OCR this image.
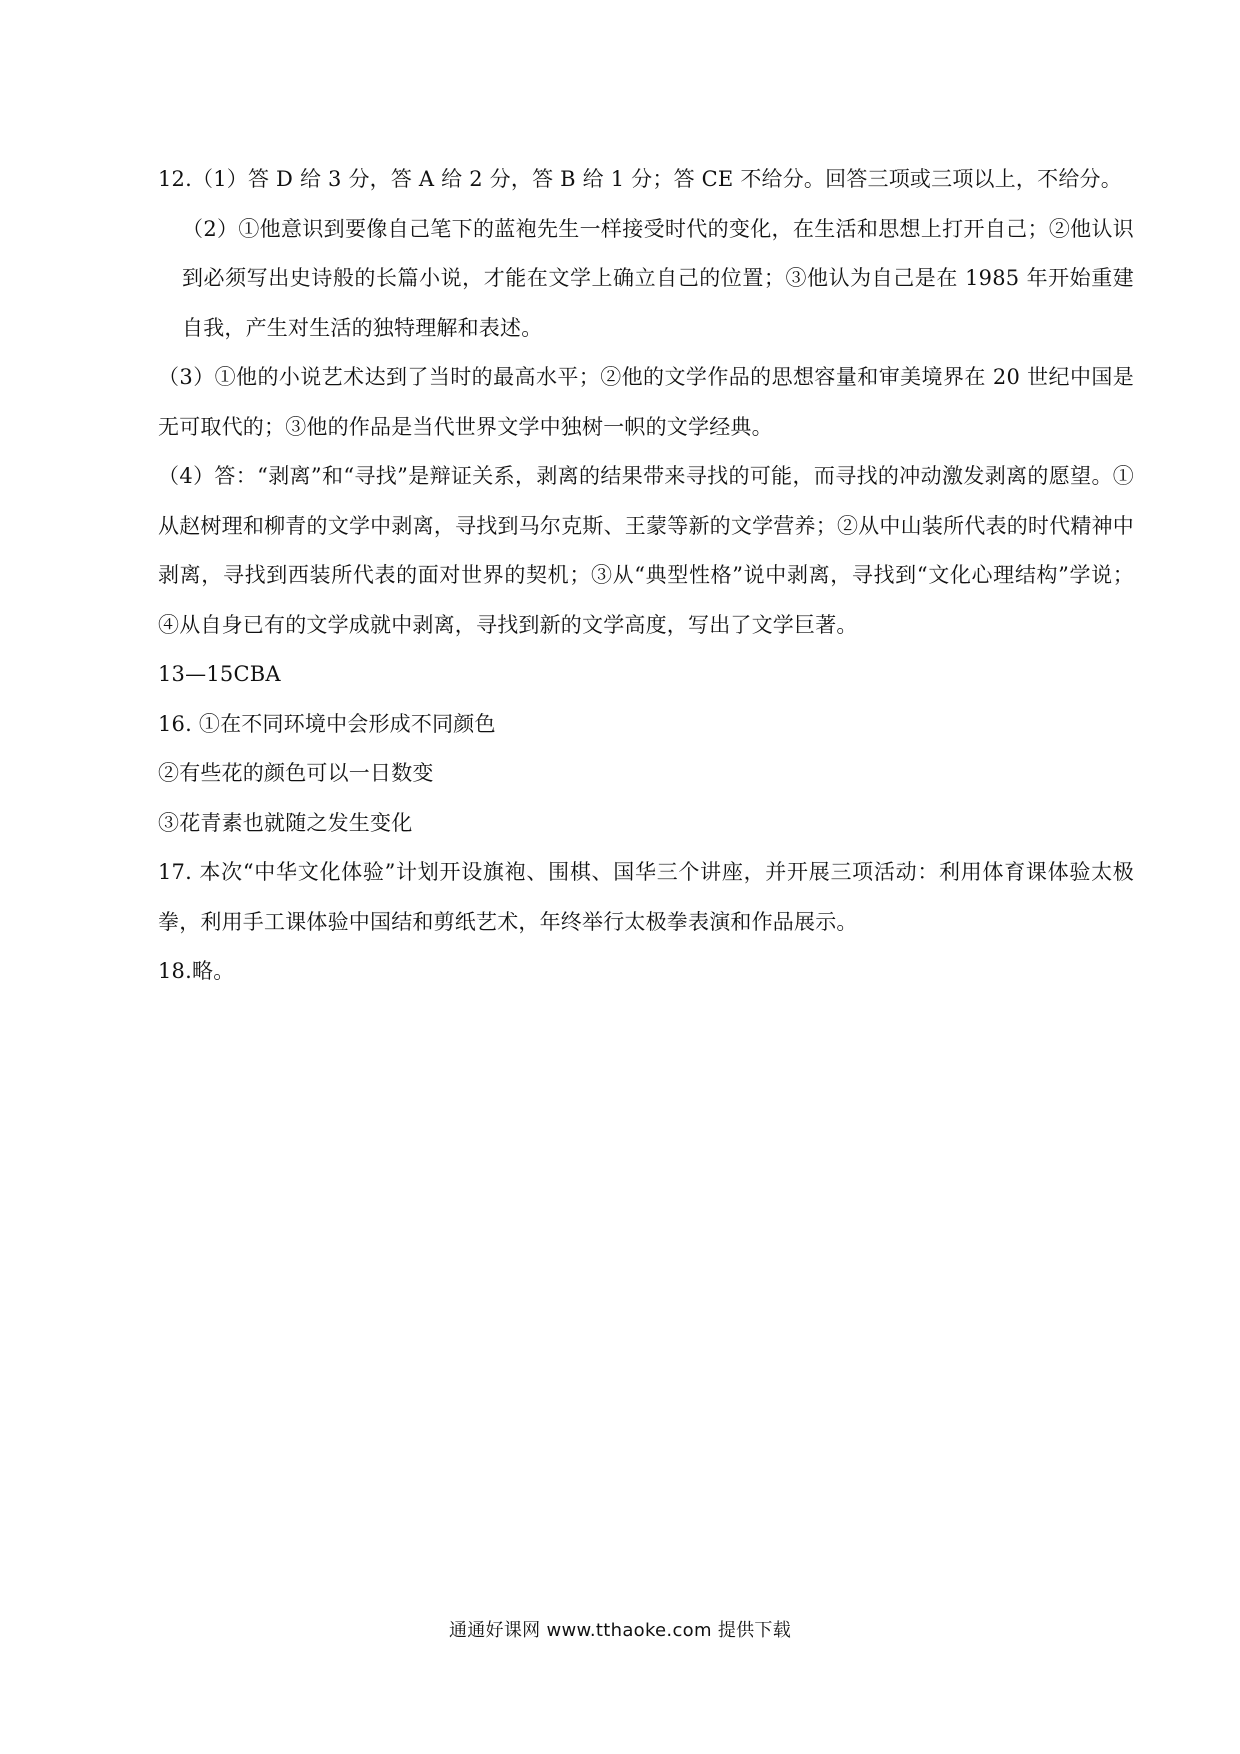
12.（1）答 D 给 3 分，答 A 给 2 分，答 B 给 1 分；答 CE 不给分。回答三项或三项以上，不给分。

（2）①他意识到要像自己笔下的蓝袍先生一样接受时代的变化，在生活和思想上打开自己；②他认识到必须写出史诗般的长篇小说，才能在文学上确立自己的位置；③他认为自己是在 1985 年开始重建自我，产生对生活的独特理解和表述。

（3）①他的小说艺术达到了当时的最高水平；②他的文学作品的思想容量和审美境界在 20 世纪中国是无可取代的；③他的作品是当代世界文学中独树一帜的文学经典。

（4）答：“剥离”和“寻找”是辩证关系，剥离的结果带来寻找的可能，而寻找的冲动激发剥离的愿望。①从赵树理和柳青的文学中剥离，寻找到马尔克斯、王蒙等新的文学营养；②从中山装所代表的时代精神中剥离，寻找到西装所代表的面对世界的契机；③从“典型性格”说中剥离，寻找到“文化心理结构”学说；④从自身已有的文学成就中剥离，寻找到新的文学高度，写出了文学巨著。

13—15CBA

16. ①在不同环境中会形成不同颜色

②有些花的颜色可以一日数变

③花青素也就随之发生变化

17. 本次“中华文化体验”计划开设旗袍、围棋、国华三个讲座，并开展三项活动：利用体育课体验太极拳，利用手工课体验中国结和剪纸艺术，年终举行太极拳表演和作品展示。

18.略。

通通好课网 www.tthaoke.com 提供下载
